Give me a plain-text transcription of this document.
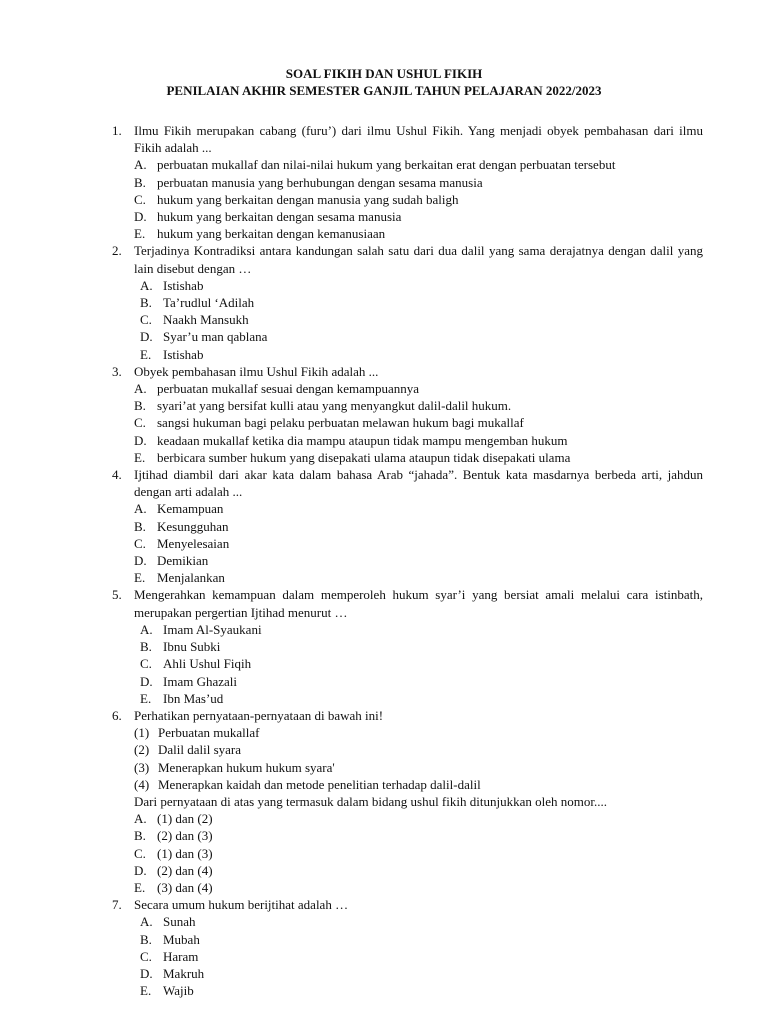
SOAL FIKIH DAN USHUL FIKIH
PENILAIAN AKHIR SEMESTER GANJIL TAHUN PELAJARAN 2022/2023
1. Ilmu Fikih merupakan cabang (furu’) dari ilmu Ushul Fikih. Yang menjadi obyek pembahasan dari ilmu Fikih adalah ...
A. perbuatan mukallaf dan nilai-nilai hukum yang berkaitan erat dengan perbuatan tersebut
B. perbuatan manusia yang berhubungan dengan sesama manusia
C. hukum yang berkaitan dengan manusia yang sudah baligh
D. hukum yang berkaitan dengan sesama manusia
E. hukum yang berkaitan dengan kemanusiaan
2. Terjadinya Kontradiksi antara kandungan salah satu dari dua dalil yang sama derajatnya dengan dalil yang lain disebut dengan …
A. Istishab
B. Ta’rudlul ‘Adilah
C. Naakh Mansukh
D. Syar’u man qablana
E. Istishab
3. Obyek pembahasan ilmu Ushul Fikih adalah ...
A. perbuatan mukallaf sesuai dengan kemampuannya
B. syari’at yang bersifat kulli atau yang menyangkut dalil-dalil hukum.
C. sangsi hukuman bagi pelaku perbuatan melawan hukum bagi mukallaf
D. keadaan mukallaf ketika dia mampu ataupun tidak mampu mengemban hukum
E. berbicara sumber hukum yang disepakati ulama ataupun tidak disepakati ulama
4. Ijtihad diambil dari akar kata dalam bahasa Arab “jahada”. Bentuk kata masdarnya berbeda arti, jahdun dengan arti adalah ...
A. Kemampuan
B. Kesungguhan
C. Menyelesaian
D. Demikian
E. Menjalankan
5. Mengerahkan kemampuan dalam memperoleh hukum syar’i yang bersiat amali melalui cara istinbath, merupakan pergertian Ijtihad menurut …
A. Imam Al-Syaukani
B. Ibnu Subki
C. Ahli Ushul Fiqih
D. Imam Ghazali
E. Ibn Mas’ud
6. Perhatikan pernyataan-pernyataan di bawah ini!
(1) Perbuatan mukallaf
(2) Dalil dalil syara
(3) Menerapkan hukum hukum syara'
(4) Menerapkan kaidah dan metode penelitian terhadap dalil-dalil
Dari pernyataan di atas yang termasuk dalam bidang ushul fikih ditunjukkan oleh nomor....
A. (1) dan (2)
B. (2) dan (3)
C. (1) dan (3)
D. (2) dan (4)
E. (3) dan (4)
7. Secara umum hukum berijtihat adalah …
A. Sunah
B. Mubah
C. Haram
D. Makruh
E. Wajib
